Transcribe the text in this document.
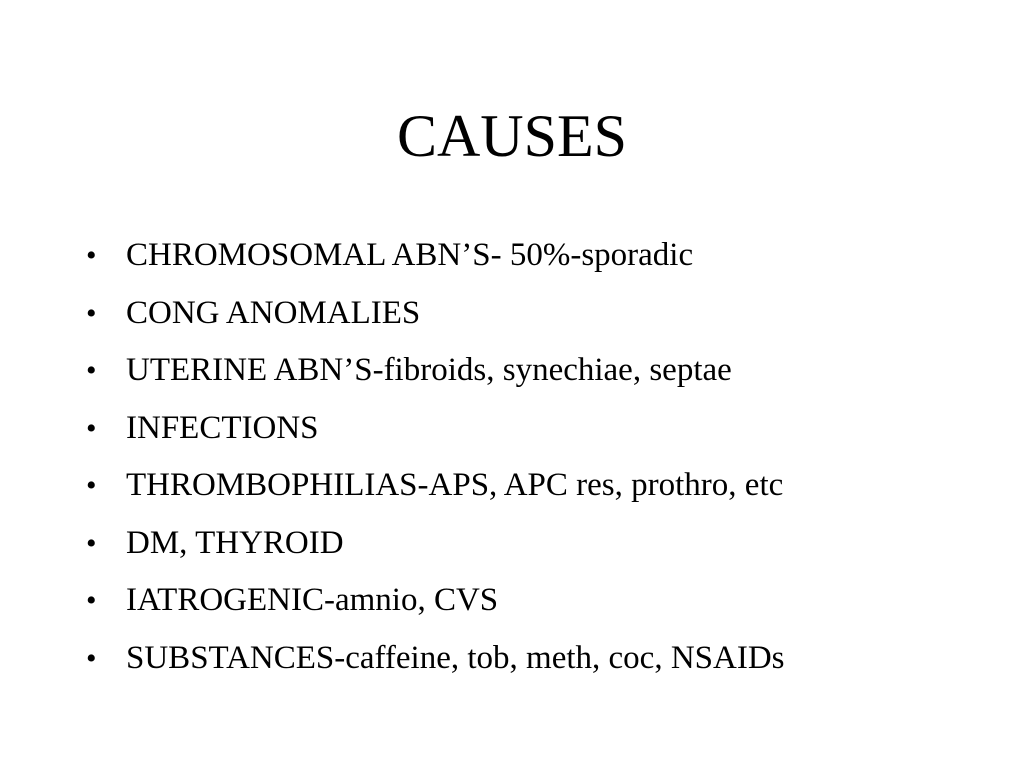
CAUSES
• CHROMOSOMAL ABN’S- 50%-sporadic
• CONG ANOMALIES
• UTERINE ABN’S-fibroids, synechiae, septae
• INFECTIONS
• THROMBOPHILIAS-APS, APC res, prothro, etc
• DM, THYROID
• IATROGENIC-amnio, CVS
• SUBSTANCES-caffeine, tob, meth, coc, NSAIDs
